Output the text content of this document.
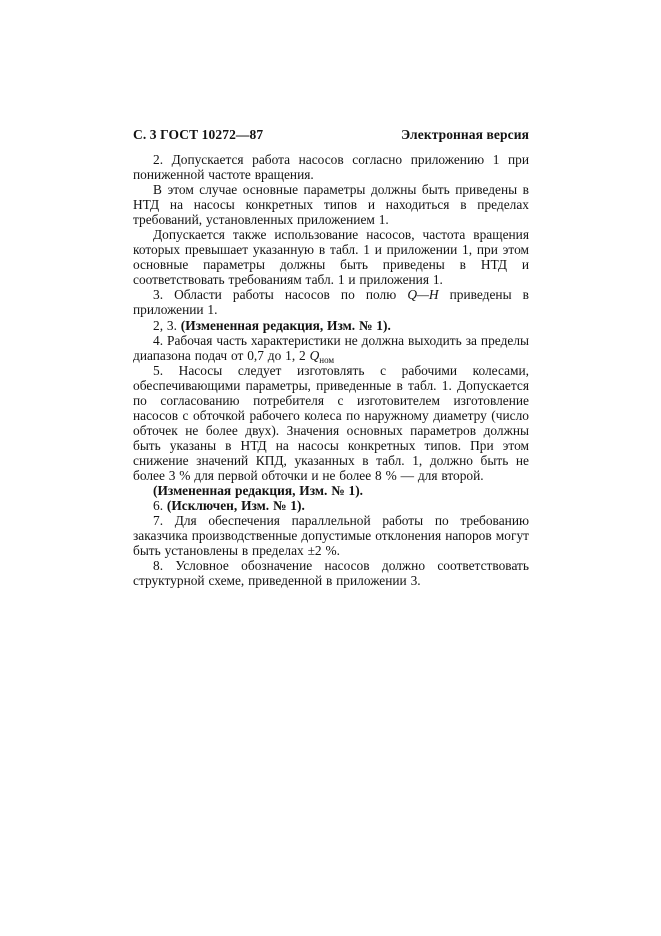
С. 3 ГОСТ 10272—87	Электронная версия

2. Допускается работа насосов согласно приложению 1 при пониженной частоте вращения.

В этом случае основные параметры должны быть приведены в НТД на насосы конкретных типов и находиться в пределах требований, установленных приложением 1.

Допускается также использование насосов, частота вращения которых превышает указанную в табл. 1 и приложении 1, при этом основные параметры должны быть приведены в НТД и соответствовать требованиям табл. 1 и приложения 1.

3. Области работы насосов по полю Q—H приведены в приложении 1.

2, 3. (Измененная редакция, Изм. № 1).

4. Рабочая часть характеристики не должна выходить за пределы диапазона подач от 0,7 до 1, 2 $Q_{ном}$

5. Насосы следует изготовлять с рабочими колесами, обеспечивающими параметры, приведенные в табл. 1. Допускается по согласованию потребителя с изготовителем изготовление насосов с обточкой рабочего колеса по наружному диаметру (число обточек не более двух). Значения основных параметров должны быть указаны в НТД на насосы конкретных типов. При этом снижение значений КПД, указанных в табл. 1, должно быть не более 3 % для первой обточки и не более 8 % — для второй.

(Измененная редакция, Изм. № 1).

6. (Исключен, Изм. № 1).

7. Для обеспечения параллельной работы по требованию заказчика производственные допустимые отклонения напоров могут быть установлены в пределах ±2 %.

8. Условное обозначение насосов должно соответствовать структурной схеме, приведенной в приложении 3.
